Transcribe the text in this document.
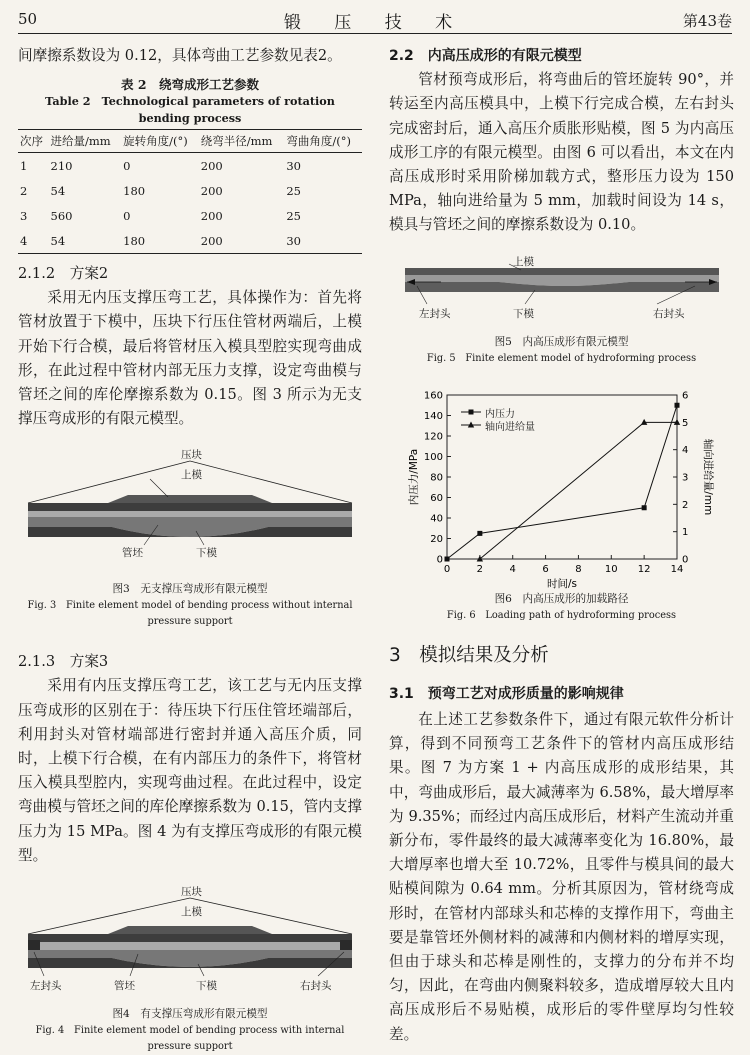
50	锻 压 技 术	第43卷

间摩擦系数设为 0.12，具体弯曲工艺参数见表2。

表 2　绕弯成形工艺参数
Table 2　Technological parameters of rotation bending process
次序	进给量/mm	旋转角度/(°)	绕弯半径/mm	弯曲角度/(°)
1	210	0	200	30
2	54	180	200	25
3	560	0	200	25
4	54	180	200	30

2.1.2　方案2

采用无内压支撑压弯工艺，具体操作为：首先将管材放置于下模中，压块下行压住管材两端后，上模开始下行合模，最后将管材压入模具型腔实现弯曲成形，在此过程中管材内部无压力支撑，设定弯曲模与管坯之间的库伦摩擦系数为 0.15。图 3 所示为无支撑压弯成形的有限元模型。

压块
上模
管坯	下模
图3　无支撑压弯成形有限元模型
Fig. 3　Finite element model of bending process without internal
pressure support

2.1.3　方案3

采用有内压支撑压弯工艺，该工艺与无内压支撑压弯成形的区别在于：待压块下行压住管坯端部后，利用封头对管材端部进行密封并通入高压介质，同时，上模下行合模，在有内部压力的条件下，将管材压入模具型腔内，实现弯曲过程。在此过程中，设定弯曲模与管坯之间的库伦摩擦系数为 0.15，管内支撑压力为 15 MPa。图 4 为有支撑压弯成形的有限元模型。

压块
上模
左封头	管坯	下模	右封头
图4　有支撑压弯成形有限元模型
Fig. 4　Finite element model of bending process with internal
pressure support

2.2　内高压成形的有限元模型

管材预弯成形后，将弯曲后的管坯旋转 90°，并转运至内高压模具中，上模下行完成合模，左右封头完成密封后，通入高压介质胀形贴模，图 5 为内高压成形工序的有限元模型。由图 6 可以看出，本文在内高压成形时采用阶梯加载方式，整形压力设为 150 MPa，轴向进给量为 5 mm，加载时间设为 14 s，模具与管坯之间的摩擦系数设为 0.10。

上模
左封头	下模	右封头
图5　内高压成形有限元模型
Fig. 5　Finite element model of hydroforming process
0	2	4	6	8 10 12 14
0
20
40
60
80
100
120
140
160
0
1
2
3
4
5
6
时间/s
内压力/MPa	轴向进给量/mm
内压力
轴向进给量
图6　内高压成形的加载路径
Fig. 6　Loading path of hydroforming process

3　模拟结果及分析

3.1　预弯工艺对成形质量的影响规律

在上述工艺参数条件下，通过有限元软件分析计算，得到不同预弯工艺条件下的管材内高压成形结果。图 7 为方案 1 + 内高压成形的成形结果，其中，弯曲成形后，最大减薄率为 6.58%，最大增厚率为 9.35%；而经过内高压成形后，材料产生流动并重新分布，零件最终的最大减薄率变化为 16.80%，最大增厚率也增大至 10.72%，且零件与模具间的最大贴模间隙为 0.64 mm。分析其原因为，管材绕弯成形时，在管材内部球头和芯棒的支撑作用下，弯曲主要是靠管坯外侧材料的减薄和内侧材料的增厚实现，但由于球头和芯棒是刚性的，支撑力的分布并不均匀，因此，在弯曲内侧聚料较多，造成增厚较大且内高压成形后不易贴模，成形后的零件壁厚均匀性较差。
